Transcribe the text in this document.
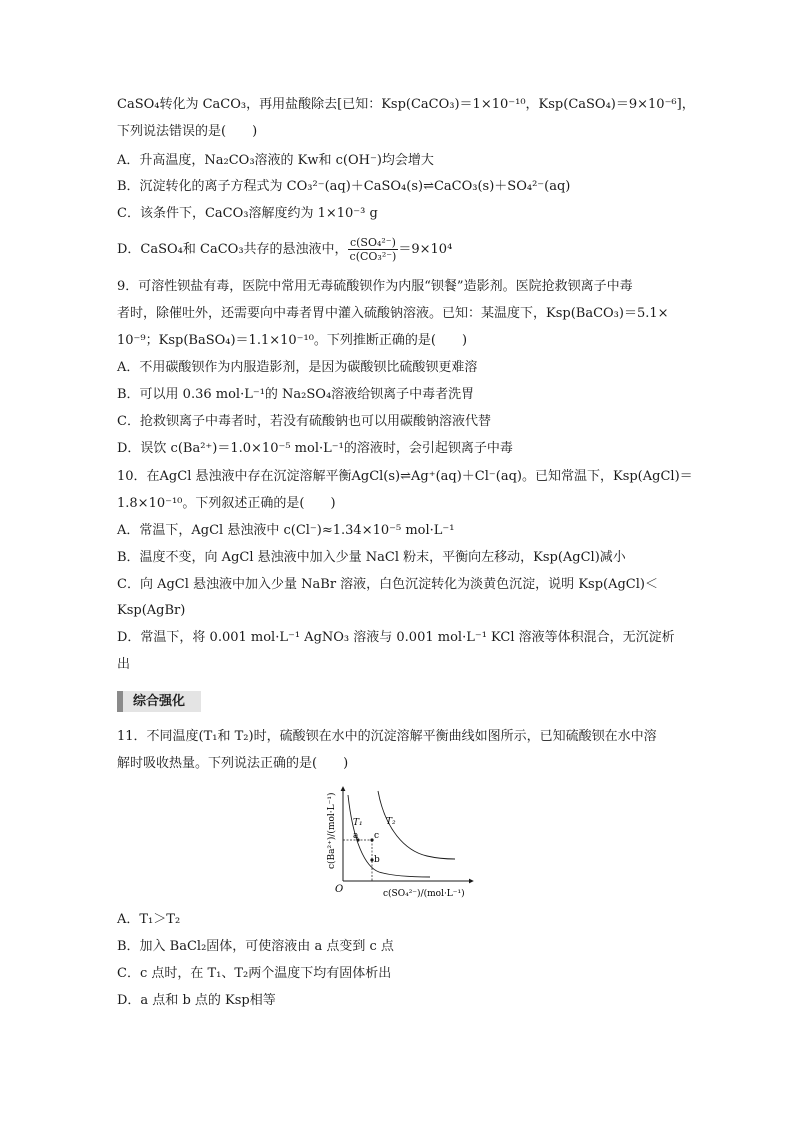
CaSO₄转化为 CaCO₃，再用盐酸除去[已知：Ksp(CaCO₃)＝1×10⁻¹⁰，Ksp(CaSO₄)＝9×10⁻⁶]，
下列说法错误的是(　　)
A．升高温度，Na₂CO₃溶液的 Kw和 c(OH⁻)均会增大
B．沉淀转化的离子方程式为 CO₃²⁻(aq)＋CaSO₄(s)⇌CaCO₃(s)＋SO₄²⁻(aq)
C．该条件下，CaCO₃溶解度约为 1×10⁻³ g
D．CaSO₄和 CaCO₃共存的悬浊液中， $\frac{\text{c(SO₄²⁻)}}{\text{c(CO₃²⁻)}} =9\times 10^4$
9．可溶性钡盐有毒，医院中常用无毒硫酸钡作为内服“钡餐”造影剂。医院抢救钡离子中毒
者时，除催吐外，还需要向中毒者胃中灌入硫酸钠溶液。已知：某温度下，Ksp(BaCO₃)＝5.1×
10⁻⁹；Ksp(BaSO₄)＝1.1×10⁻¹⁰。下列推断正确的是(　　)
A．不用碳酸钡作为内服造影剂，是因为碳酸钡比硫酸钡更难溶
B．可以用 0.36 mol·L⁻¹的 Na₂SO₄溶液给钡离子中毒者洗胃
C．抢救钡离子中毒者时，若没有硫酸钠也可以用碳酸钠溶液代替
D．误饮 c(Ba²⁺)＝1.0×10⁻⁵ mol·L⁻¹的溶液时，会引起钡离子中毒
10．在AgCl 悬浊液中存在沉淀溶解平衡AgCl(s)⇌Ag⁺(aq)＋Cl⁻(aq)。已知常温下，Ksp(AgCl)＝
1.8×10⁻¹⁰。下列叙述正确的是(　　)
A．常温下，AgCl 悬浊液中 c(Cl⁻)≈1.34×10⁻⁵ mol·L⁻¹
B．温度不变，向 AgCl 悬浊液中加入少量 NaCl 粉末，平衡向左移动，Ksp(AgCl)减小
C．向 AgCl 悬浊液中加入少量 NaBr 溶液，白色沉淀转化为淡黄色沉淀，说明 Ksp(AgCl)＜
Ksp(AgBr)
D．常温下，将 0.001 mol·L⁻¹ AgNO₃ 溶液与 0.001 mol·L⁻¹ KCl 溶液等体积混合，无沉淀析
出
综合强化
11．不同温度(T₁和 T₂)时，硫酸钡在水中的沉淀溶解平衡曲线如图所示，已知硫酸钡在水中溶
解时吸收热量。下列说法正确的是(　　)
c(Ba²⁺)/(mol·L⁻¹)
c(SO₄²⁻)/(mol·L⁻¹)
O
T₁	T₂
a c
b
A．T₁＞T₂
B．加入 BaCl₂固体，可使溶液由 a 点变到 c 点
C．c 点时，在 T₁、T₂两个温度下均有固体析出
D．a 点和 b 点的 Ksp相等
